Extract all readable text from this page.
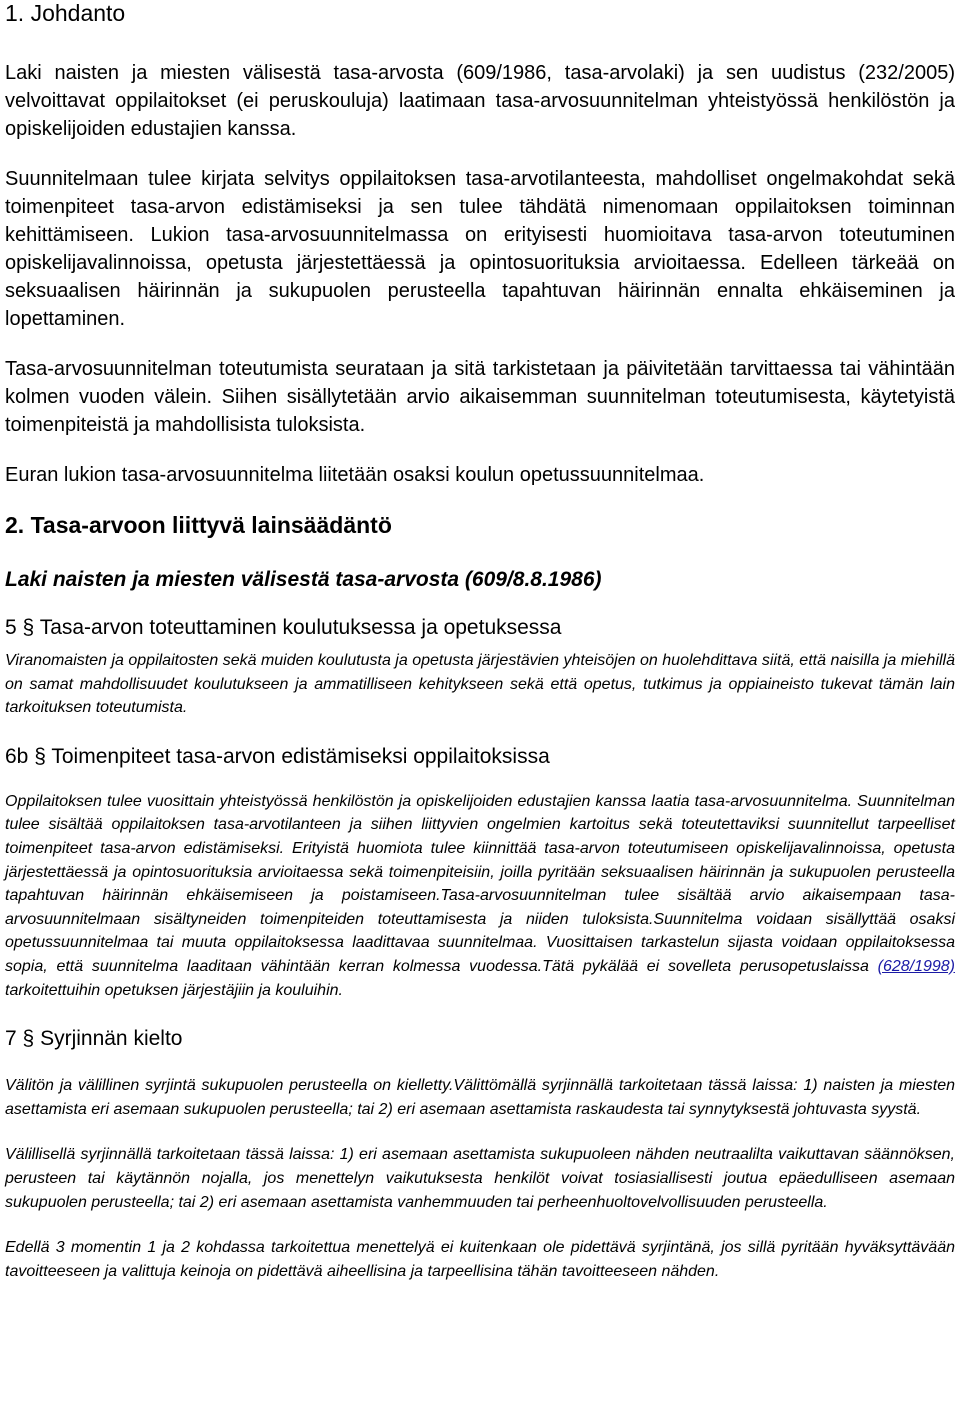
1. Johdanto

Laki naisten ja miesten välisestä tasa-arvosta (609/1986, tasa-arvolaki) ja sen uudistus (232/2005) velvoittavat oppilaitokset (ei peruskouluja) laatimaan tasa-arvosuunnitelman yhteistyössä henkilöstön ja opiskelijoiden edustajien kanssa.

Suunnitelmaan tulee kirjata selvitys oppilaitoksen tasa-arvotilanteesta, mahdolliset ongelmakohdat sekä toimenpiteet tasa-arvon edistämiseksi ja sen tulee tähdätä nimenomaan oppilaitoksen toiminnan kehittämiseen. Lukion tasa-arvosuunnitelmassa on erityisesti huomioitava tasa-arvon toteutuminen opiskelijavalinnoissa, opetusta järjestettäessä ja opintosuorituksia arvioitaessa. Edelleen tärkeää on seksuaalisen häirinnän ja sukupuolen perusteella tapahtuvan häirinnän ennalta ehkäiseminen ja lopettaminen.

Tasa-arvosuunnitelman toteutumista seurataan ja sitä tarkistetaan ja päivitetään tarvittaessa tai vähintään kolmen vuoden välein. Siihen sisällytetään arvio aikaisemman suunnitelman toteutumisesta, käytetyistä toimenpiteistä ja mahdollisista tuloksista.

Euran lukion tasa-arvosuunnitelma liitetään osaksi koulun opetussuunnitelmaa.

2. Tasa-arvoon liittyvä lainsäädäntö
Laki naisten ja miesten välisestä tasa-arvosta (609/8.8.1986)
5 § Tasa-arvon toteuttaminen koulutuksessa ja opetuksessa

Viranomaisten ja oppilaitosten sekä muiden koulutusta ja opetusta järjestävien yhteisöjen on huolehdittava siitä, että naisilla ja miehillä on samat mahdollisuudet koulutukseen ja ammatilliseen kehitykseen sekä että opetus, tutkimus ja oppiaineisto tukevat tämän lain tarkoituksen toteutumista.

6b § Toimenpiteet tasa-arvon edistämiseksi oppilaitoksissa

Oppilaitoksen tulee vuosittain yhteistyössä henkilöstön ja opiskelijoiden edustajien kanssa laatia tasa-arvosuunnitelma. Suunnitelman tulee sisältää oppilaitoksen tasa-arvotilanteen ja siihen liittyvien ongelmien kartoitus sekä toteutettaviksi suunnitellut tarpeelliset toimenpiteet tasa-arvon edistämiseksi. Erityistä huomiota tulee kiinnittää tasa-arvon toteutumiseen opiskelijavalinnoissa, opetusta järjestettäessä ja opintosuorituksia arvioitaessa sekä toimenpiteisiin, joilla pyritään seksuaalisen häirinnän ja sukupuolen perusteella tapahtuvan häirinnän ehkäisemiseen ja poistamiseen.Tasa-arvosuunnitelman tulee sisältää arvio aikaisempaan tasa-arvosuunnitelmaan sisältyneiden toimenpiteiden toteuttamisesta ja niiden tuloksista.Suunnitelma voidaan sisällyttää osaksi opetussuunnitelmaa tai muuta oppilaitoksessa laadittavaa suunnitelmaa. Vuosittaisen tarkastelun sijasta voidaan oppilaitoksessa sopia, että suunnitelma laaditaan vähintään kerran kolmessa vuodessa.Tätä pykälää ei sovelleta perusopetuslaissa (628/1998) tarkoitettuihin opetuksen järjestäjiin ja kouluihin.

7 § Syrjinnän kielto

Välitön ja välillinen syrjintä sukupuolen perusteella on kielletty.Välittömällä syrjinnällä tarkoitetaan tässä laissa: 1) naisten ja miesten asettamista eri asemaan sukupuolen perusteella; tai 2) eri asemaan asettamista raskaudesta tai synnytyksestä johtuvasta syystä.

Välillisellä syrjinnällä tarkoitetaan tässä laissa: 1) eri asemaan asettamista sukupuoleen nähden neutraalilta vaikuttavan säännöksen, perusteen tai käytännön nojalla, jos menettelyn vaikutuksesta henkilöt voivat tosiasiallisesti joutua epäedulliseen asemaan sukupuolen perusteella; tai 2) eri asemaan asettamista vanhemmuuden tai perheenhuoltovelvollisuuden perusteella.

Edellä 3 momentin 1 ja 2 kohdassa tarkoitettua menettelyä ei kuitenkaan ole pidettävä syrjintänä, jos sillä pyritään hyväksyttävään tavoitteeseen ja valittuja keinoja on pidettävä aiheellisina ja tarpeellisina tähän tavoitteeseen nähden.
